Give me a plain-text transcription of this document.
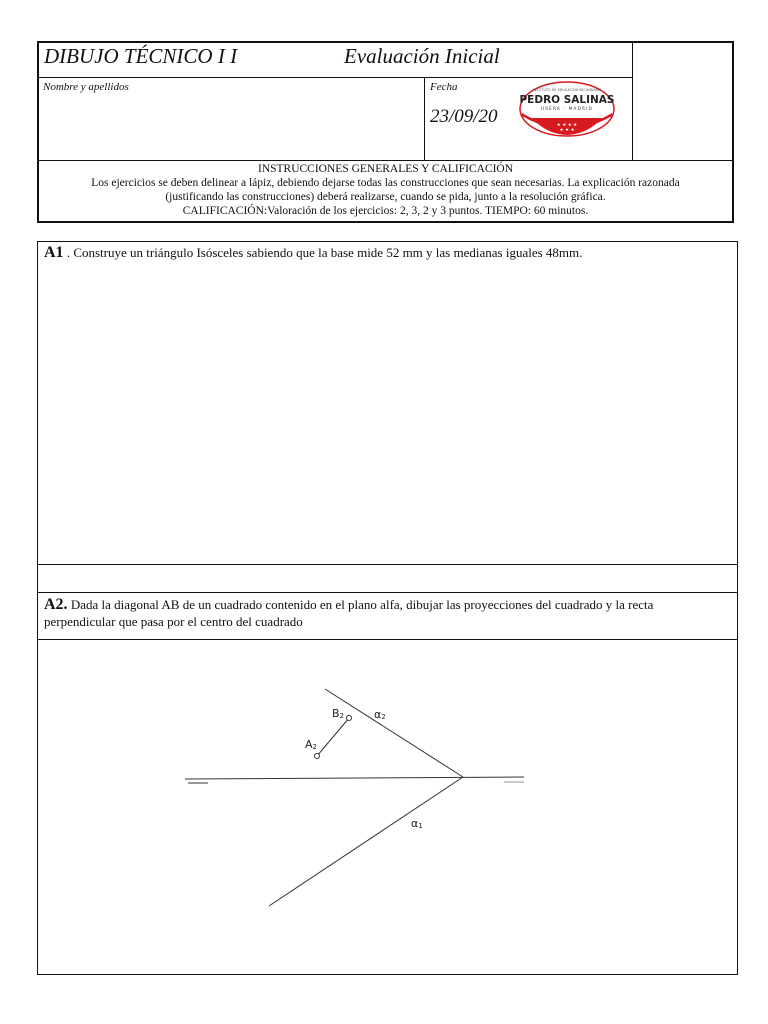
DIBUJO TÉCNICO I I	Evaluación Inicial
Nombre y apellidos	Fecha
23/09/20
INSTITUTO DE EDUCACIÓN SECUNDARIA
PEDRO SALINAS
USERA - MADRID
★ ★ ★ ★
★ ★ ★
INSTRUCCIONES GENERALES Y CALIFICACIÓN
Los ejercicios se deben delinear a lápiz, debiendo dejarse todas las construcciones que sean necesarias. La explicación razonada
(justificando las construcciones) deberá realizarse, cuando se pida, junto a la resolución gráfica.
CALIFICACIÓN:Valoración de los ejercicios: 2, 3, 2 y 3 puntos. TIEMPO: 60 minutos.
A1 . Construye un triángulo Isósceles sabiendo que la base mide 52 mm y las medianas iguales 48mm.
A2. Dada la diagonal AB de un cuadrado contenido en el plano alfa, dibujar las proyecciones del cuadrado y la recta
perpendicular que pasa por el centro del cuadrado
B2
A2
α2
α1
